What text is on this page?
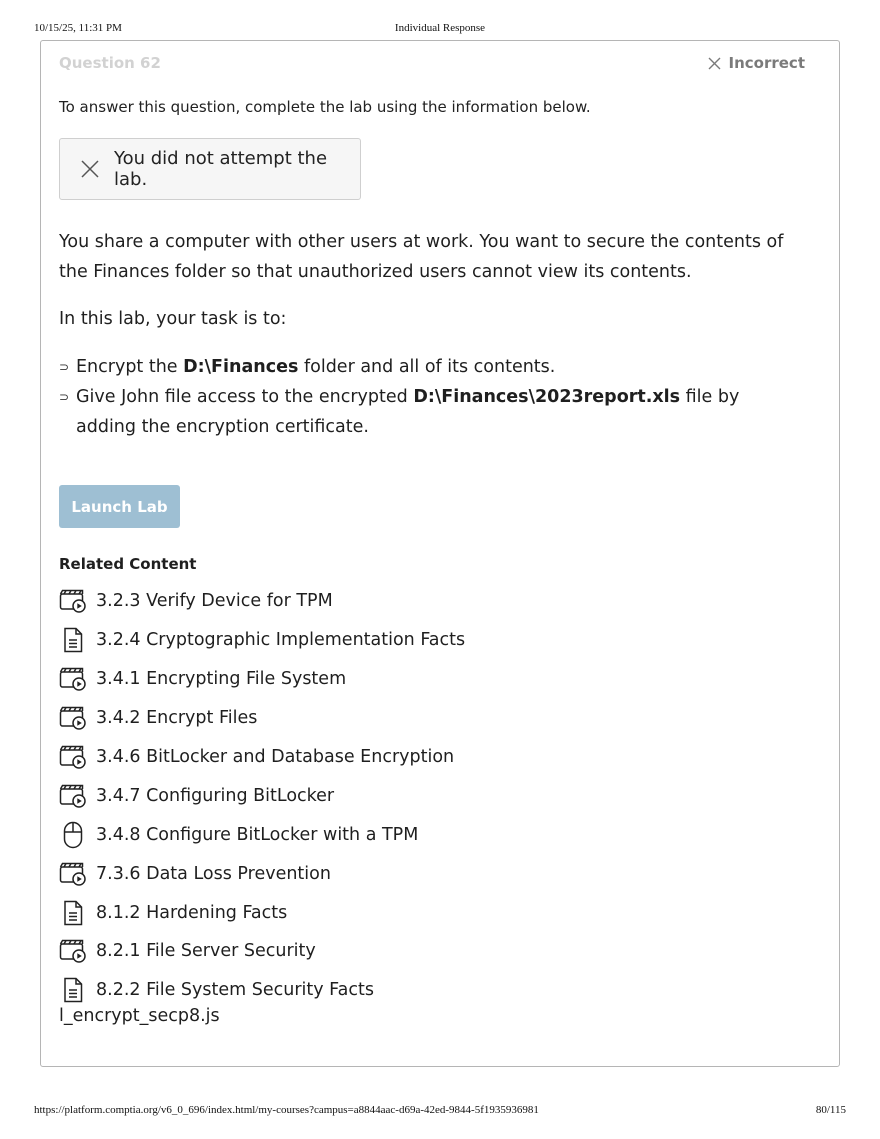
10/15/25, 11:31 PM	Individual Response
Question 62	Incorrect
To answer this question, complete the lab using the information below.
You did not attempt the lab.

You share a computer with other users at work. You want to secure the contents of the Finances folder so that unauthorized users cannot view its contents.

In this lab, your task is to:

⊃ Encrypt the D:\Finances folder and all of its contents.
⊃ Give John file access to the encrypted D:\Finances\2023report.xls file by adding the encryption certificate.
Launch Lab
Related Content
3.2.3 Verify Device for TPM
3.2.4 Cryptographic Implementation Facts
3.4.1 Encrypting File System
3.4.2 Encrypt Files
3.4.6 BitLocker and Database Encryption
3.4.7 Configuring BitLocker
3.4.8 Configure BitLocker with a TPM
7.3.6 Data Loss Prevention
8.1.2 Hardening Facts
8.2.1 File Server Security
8.2.2 File System Security Facts
l_encrypt_secp8.js
https://platform.comptia.org/v6_0_696/index.html/my-courses?campus=a8844aac-d69a-42ed-9844-5f1935936981	80/115
